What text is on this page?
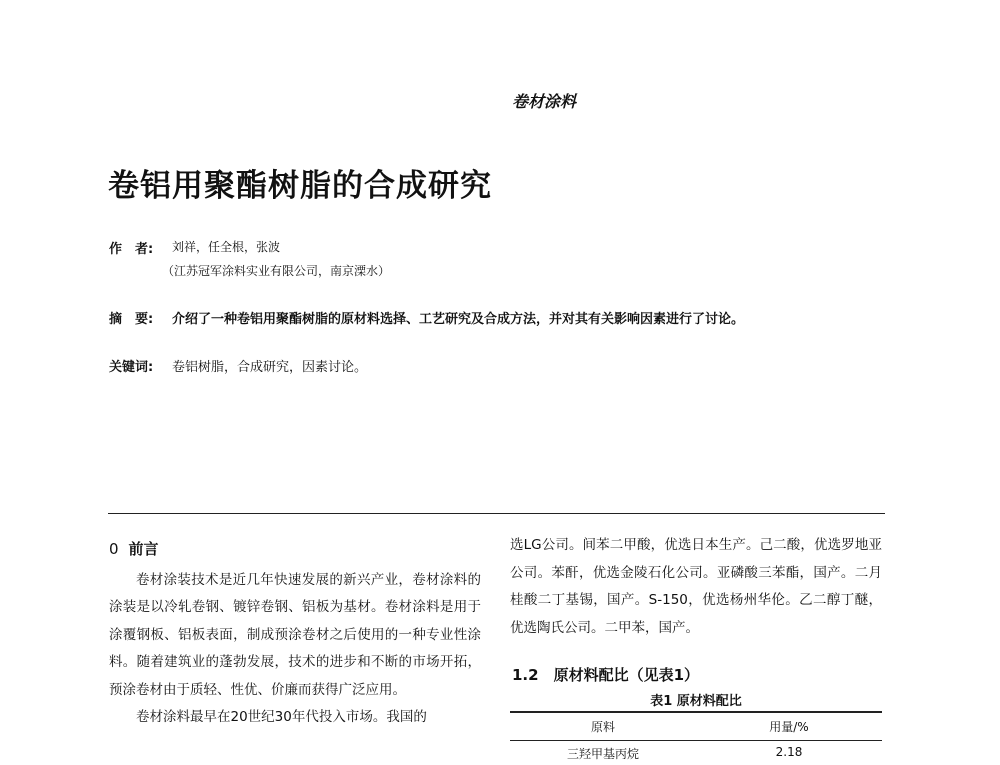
卷材涂料
卷铝用聚酯树脂的合成研究
作　者: 刘祥，任全根，张波
（江苏冠军涂料实业有限公司，南京溧水）
摘　要: 介绍了一种卷铝用聚酯树脂的原材料选择、工艺研究及合成方法，并对其有关影响因素进行了讨论。
关键词: 卷铝树脂，合成研究，因素讨论。
0 前言

卷材涂装技术是近几年快速发展的新兴产业，卷材涂料的涂装是以冷轧卷钢、镀锌卷钢、铝板为基材。卷材涂料是用于涂覆钢板、铝板表面，制成预涂卷材之后使用的一种专业性涂料。随着建筑业的蓬勃发展，技术的进步和不断的市场开拓，预涂卷材由于质轻、性优、价廉而获得广泛应用。

卷材涂料最早在20世纪30年代投入市场。我国的

选LG公司。间苯二甲酸，优选日本生产。己二酸，优选罗地亚公司。苯酐，优选金陵石化公司。亚磷酸三苯酯，国产。二月桂酸二丁基锡，国产。S-150，优选杨州华伦。乙二醇丁醚，优选陶氏公司。二甲苯，国产。
1.2　原材料配比（见表1）
表1 原材料配比
原料	用量/%
三羟甲基丙烷	2.18
